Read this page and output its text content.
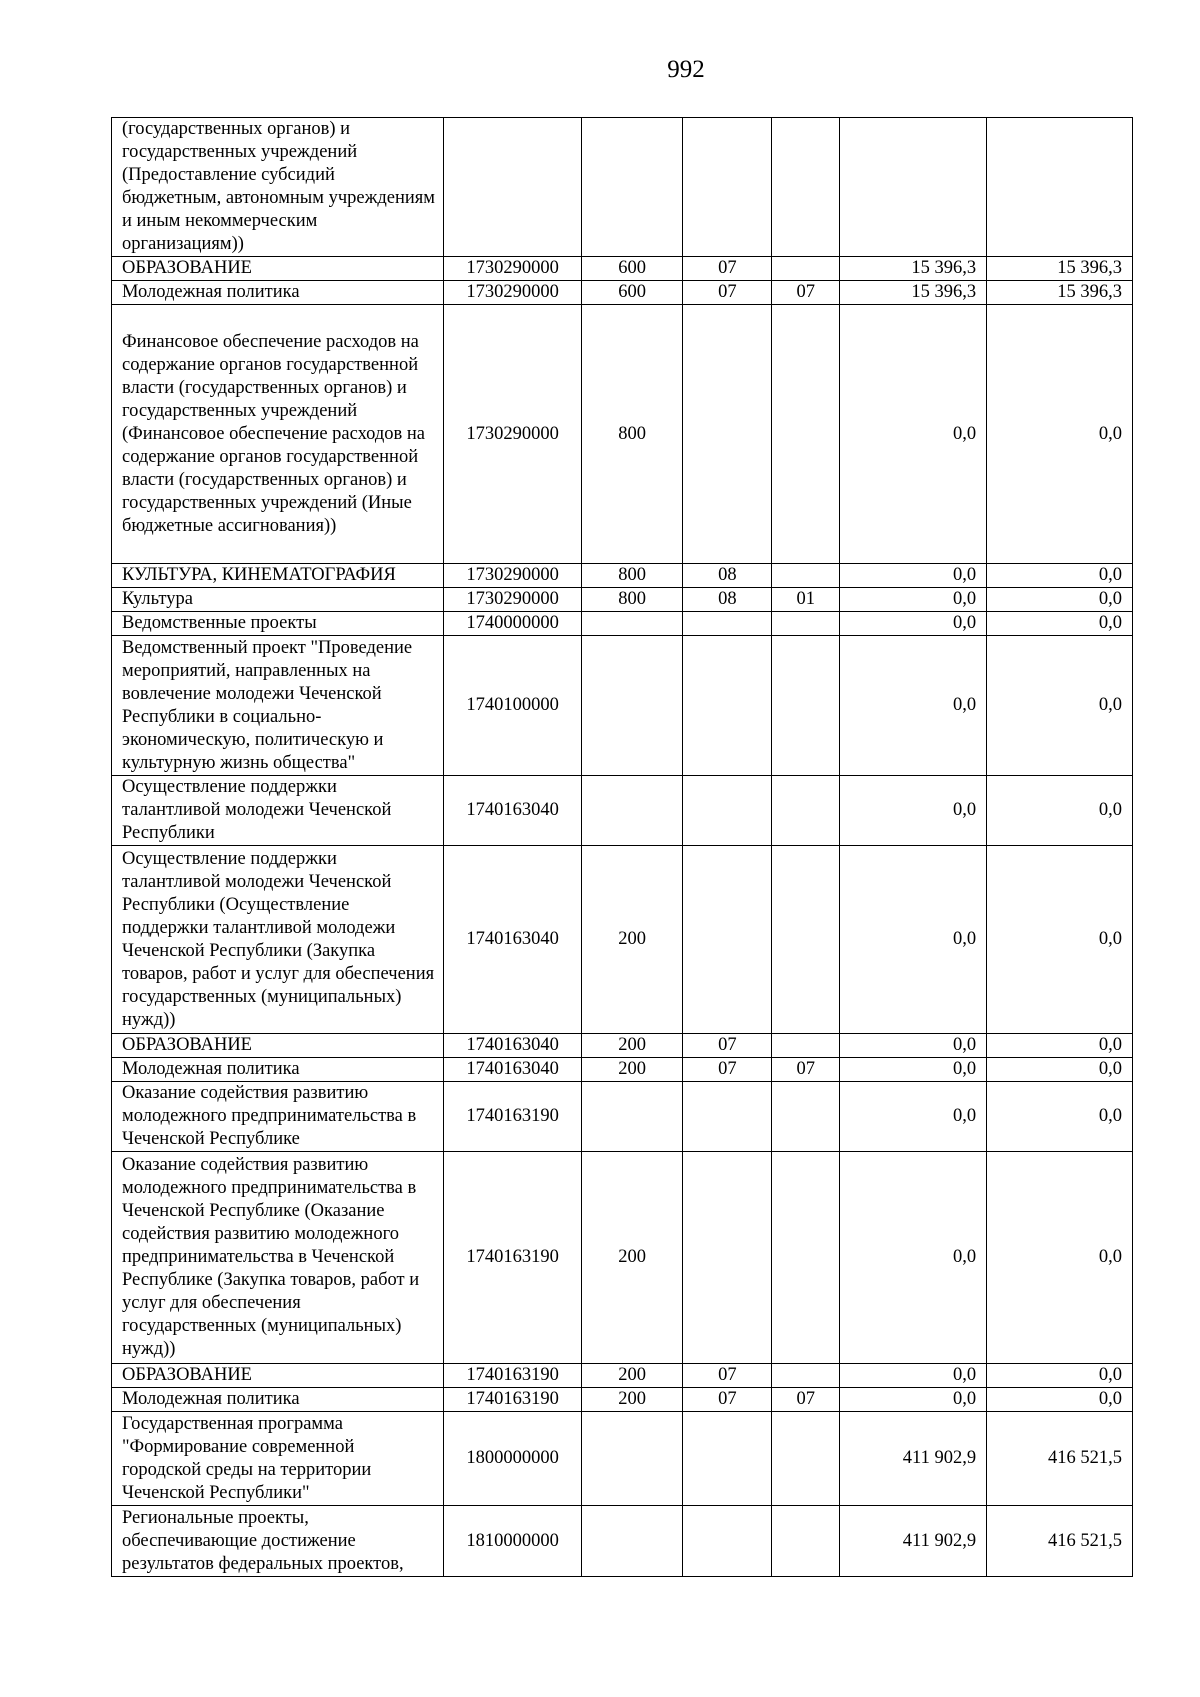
992
(государственных органов) и государственных учреждений (Предоставление субсидий бюджетным, автономным учреждениям и иным некоммерческим организациям))						
ОБРАЗОВАНИЕ	1730290000	600	07		15 396,3	15 396,3
Молодежная политика	1730290000	600	07	07	15 396,3	15 396,3
Финансовое обеспечение расходов на содержание органов государственной власти (государственных органов) и государственных учреждений (Финансовое обеспечение расходов на содержание органов государственной власти (государственных органов) и государственных учреждений (Иные бюджетные ассигнования))	1730290000	800			0,0	0,0
КУЛЬТУРА, КИНЕМАТОГРАФИЯ	1730290000	800	08		0,0	0,0
Культура	1730290000	800	08	01	0,0	0,0
Ведомственные проекты	1740000000				0,0	0,0
Ведомственный проект "Проведение мероприятий, направленных на вовлечение молодежи Чеченской Республики в социально-экономическую, политическую и культурную жизнь общества"	1740100000				0,0	0,0
Осуществление поддержки талантливой молодежи Чеченской Республики	1740163040				0,0	0,0
Осуществление поддержки талантливой молодежи Чеченской Республики (Осуществление поддержки талантливой молодежи Чеченской Республики (Закупка товаров, работ и услуг для обеспечения государственных (муниципальных) нужд))	1740163040	200			0,0	0,0
ОБРАЗОВАНИЕ	1740163040	200	07		0,0	0,0
Молодежная политика	1740163040	200	07	07	0,0	0,0
Оказание содействия развитию молодежного предпринимательства в Чеченской Республике	1740163190				0,0	0,0
Оказание содействия развитию молодежного предпринимательства в Чеченской Республике (Оказание содействия развитию молодежного предпринимательства в Чеченской Республике (Закупка товаров, работ и услуг для обеспечения государственных (муниципальных) нужд))	1740163190	200			0,0	0,0
ОБРАЗОВАНИЕ	1740163190	200	07		0,0	0,0
Молодежная политика	1740163190	200	07	07	0,0	0,0
Государственная программа "Формирование современной городской среды на территории Чеченской Республики"	1800000000				411 902,9	416 521,5
Региональные проекты, обеспечивающие достижение результатов федеральных проектов,	1810000000				411 902,9	416 521,5
